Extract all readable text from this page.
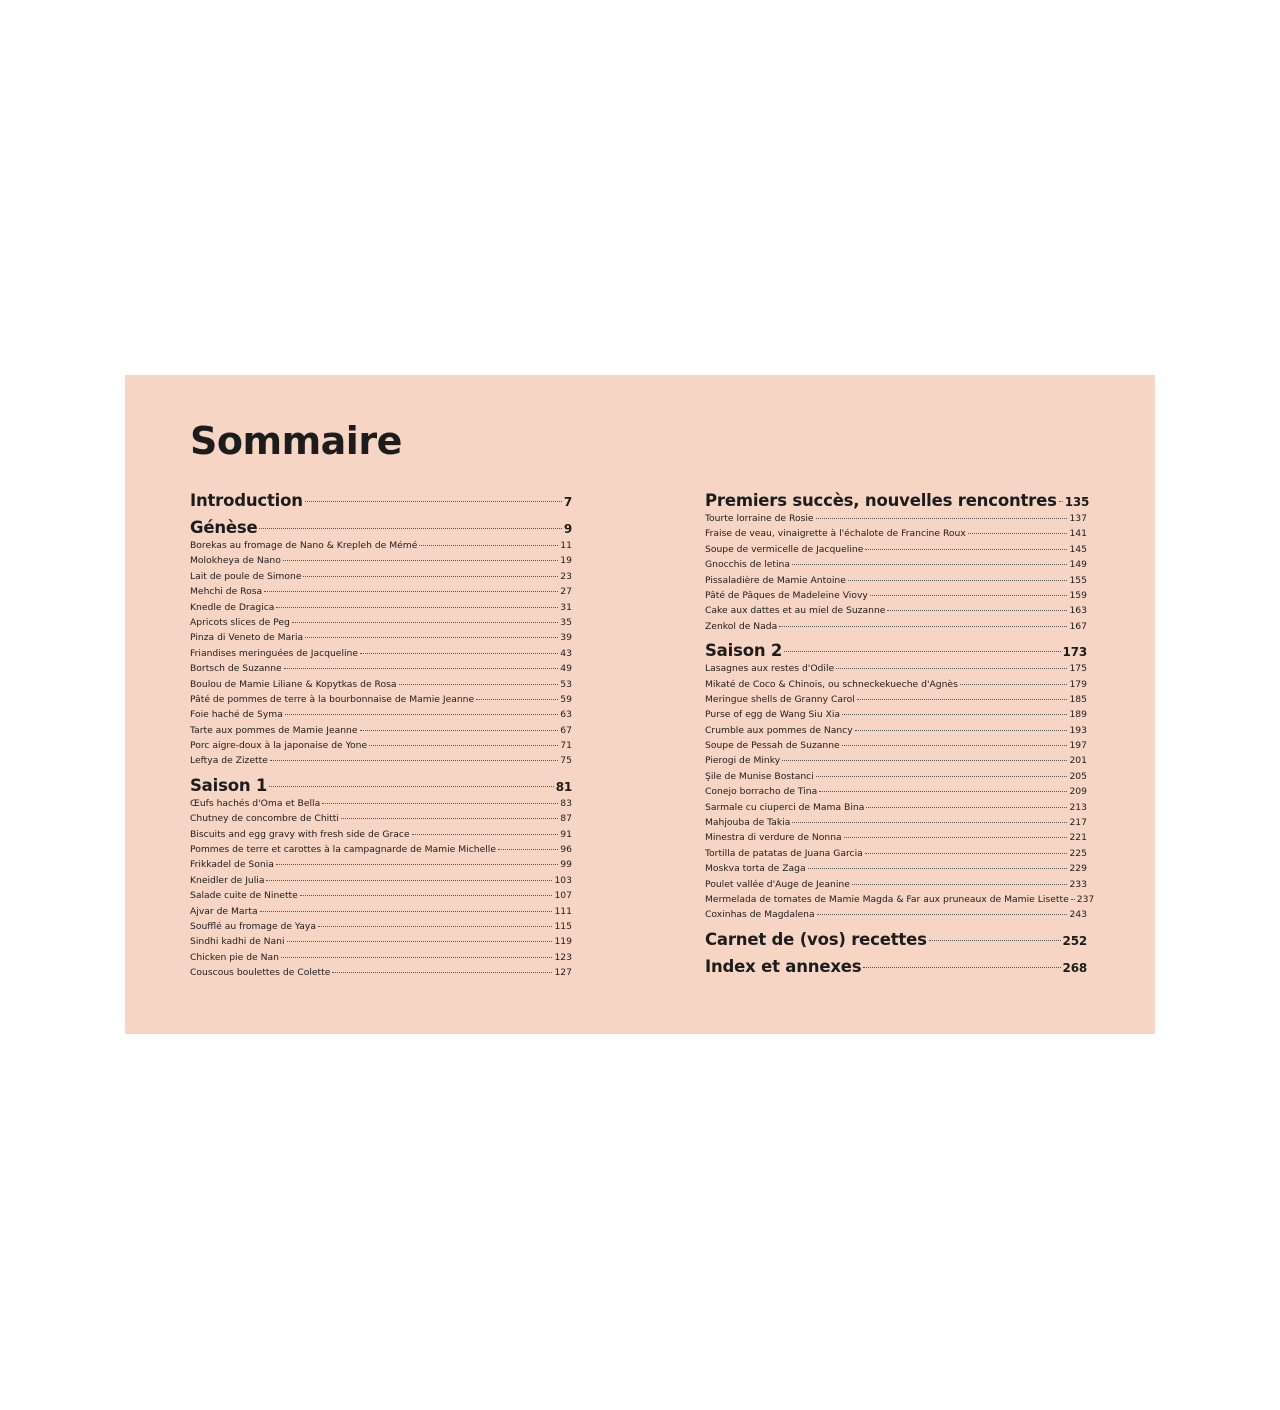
Sommaire
Introduction	7
Génèse	9
Borekas au fromage de Nano & Krepleh de Mémé	11
Molokheya de Nano	19
Lait de poule de Simone	23
Mehchi de Rosa	27
Knedle de Dragica	31
Apricots slices de Peg	35
Pinza di Veneto de Maria	39
Friandises meringuées de Jacqueline	43
Bortsch de Suzanne	49
Boulou de Mamie Liliane & Kopytkas de Rosa	53
Pâté de pommes de terre à la bourbonnaise de Mamie Jeanne	59
Foie haché de Syma	63
Tarte aux pommes de Mamie Jeanne	67
Porc aigre-doux à la japonaise de Yone	71
Leftya de Zizette	75
Saison 1	81
Œufs hachés d'Oma et Bella	83
Chutney de concombre de Chitti	87
Biscuits and egg gravy with fresh side de Grace	91
Pommes de terre et carottes à la campagnarde de Mamie Michelle	96
Frikkadel de Sonia	99
Kneidler de Julia	103
Salade cuite de Ninette	107
Ajvar de Marta	111
Soufflé au fromage de Yaya	115
Sindhi kadhi de Nani	119
Chicken pie de Nan	123
Couscous boulettes de Colette	127
Premiers succès, nouvelles rencontres 135
Tourte lorraine de Rosie	137
Fraise de veau, vinaigrette à l'échalote de Francine Roux	141
Soupe de vermicelle de Jacqueline	145
Gnocchis de letina	149
Pissaladière de Mamie Antoine	155
Pâté de Pâques de Madeleine Viovy	159
Cake aux dattes et au miel de Suzanne	163
Zenkol de Nada	167
Saison 2	173
Lasagnes aux restes d'Odile	175
Mikaté de Coco & Chinois, ou schneckekueche d'Agnès	179
Meringue shells de Granny Carol	185
Purse of egg de Wang Siu Xia	189
Crumble aux pommes de Nancy	193
Soupe de Pessah de Suzanne	197
Pierogi de Minky	201
Şile de Munise Bostanci	205
Conejo borracho de Tina	209
Sarmale cu ciuperci de Mama Bina	213
Mahjouba de Takia	217
Minestra di verdure de Nonna	221
Tortilla de patatas de Juana Garcia	225
Moskva torta de Zaga	229
Poulet vallée d'Auge de Jeanine	233
Mermelada de tomates de Mamie Magda & Far aux pruneaux de Mamie Lisette 237
Coxinhas de Magdalena	243
Carnet de (vos) recettes	252
Index et annexes	268
